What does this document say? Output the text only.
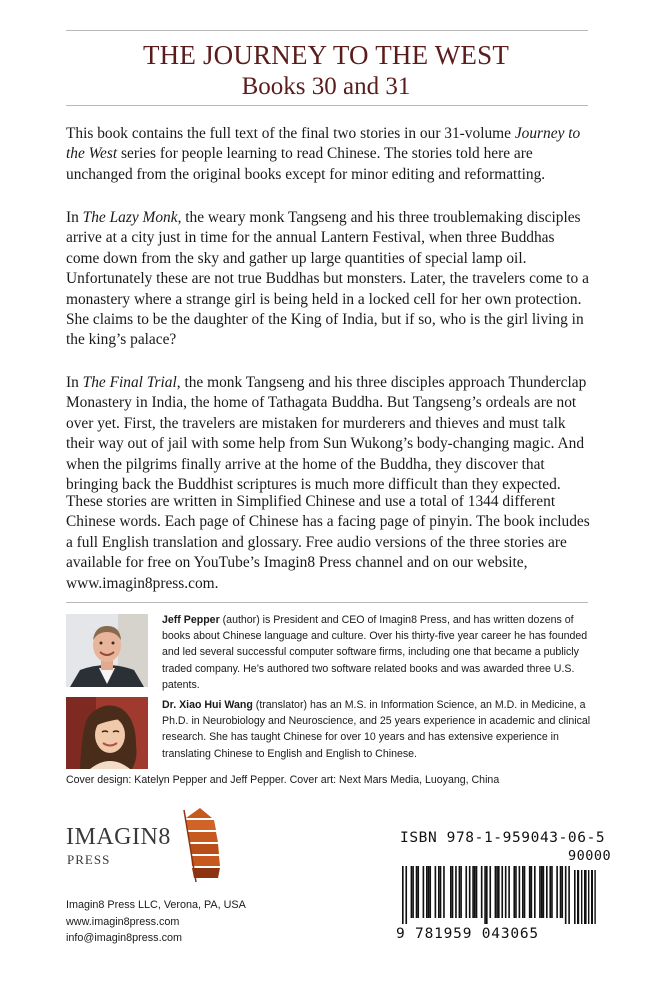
THE JOURNEY TO THE WEST
Books 30 and 31

This book contains the full text of the final two stories in our 31-volume Journey to the West series for people learning to read Chinese. The stories told here are unchanged from the original books except for minor editing and reformatting.

In The Lazy Monk, the weary monk Tangseng and his three troublemaking disciples arrive at a city just in time for the annual Lantern Festival, when three Buddhas come down from the sky and gather up large quantities of special lamp oil. Unfortunately these are not true Buddhas but monsters. Later, the travelers come to a monastery where a strange girl is being held in a locked cell for her own protection. She claims to be the daughter of the King of India, but if so, who is the girl living in the king’s palace?

In The Final Trial, the monk Tangseng and his three disciples approach Thunderclap Monastery in India, the home of Tathagata Buddha. But Tangseng’s ordeals are not over yet. First, the travelers are mistaken for murderers and thieves and must talk their way out of jail with some help from Sun Wukong’s body-changing magic. And when the pilgrims finally arrive at the home of the Buddha, they discover that bringing back the Buddhist scriptures is much more difficult than they expected.

These stories are written in Simplified Chinese and use a total of 1344 different Chinese words. Each page of Chinese has a facing page of pinyin. The book includes a full English translation and glossary. Free audio versions of the three stories are available for free on YouTube’s Imagin8 Press channel and on our website, www.imagin8press.com.

Jeff Pepper (author) is President and CEO of Imagin8 Press, and has written dozens of books about Chinese language and culture. Over his thirty-five year career he has founded and led several successful computer software firms, including one that became a publicly traded company. He’s authored two software related books and was awarded three U.S. patents.

Dr. Xiao Hui Wang (translator) has an M.S. in Information Science, an M.D. in Medicine, a Ph.D. in Neurobiology and Neuroscience, and 25 years experience in academic and clinical research. She has taught Chinese for over 10 years and has extensive experience in translating Chinese to English and English to Chinese.

Cover design: Katelyn Pepper and Jeff Pepper. Cover art: Next Mars Media, Luoyang, China
IMAGIN8
PRESS
Imagin8 Press LLC, Verona, PA, USA
www.imagin8press.com
info@imagin8press.com
ISBN 978-1-959043-06-5
90000
9 781959 043065
